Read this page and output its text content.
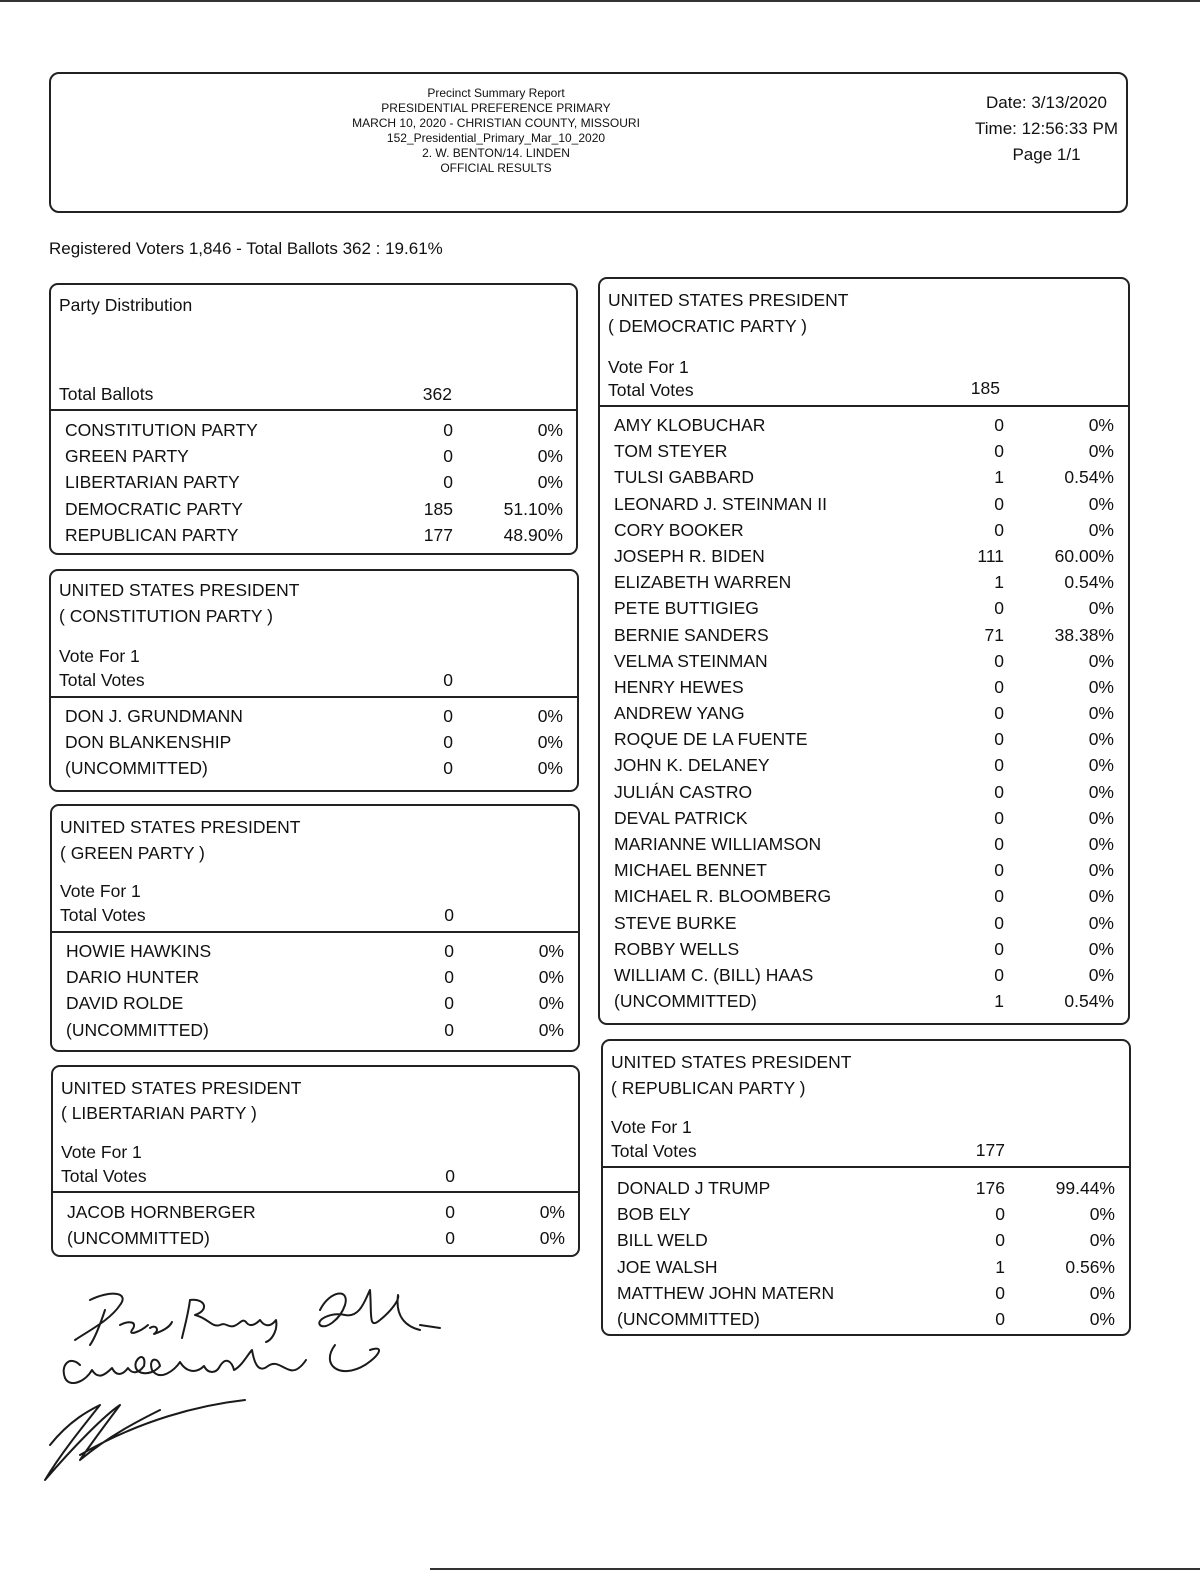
Precinct Summary Report
PRESIDENTIAL PREFERENCE PRIMARY
MARCH 10, 2020 - CHRISTIAN COUNTY, MISSOURI
152_Presidential_Primary_Mar_10_2020
2. W. BENTON/14. LINDEN
OFFICIAL RESULTS
Date: 3/13/2020
Time: 12:56:33 PM
Page 1/1
Registered Voters 1,846 - Total Ballots 362 : 19.61%
Party Distribution
Total Ballots	362
CONSTITUTION PARTY	0	0%
GREEN PARTY	0	0%
LIBERTARIAN PARTY	0	0%
DEMOCRATIC PARTY	185	51.10%
REPUBLICAN PARTY	177	48.90%
UNITED STATES PRESIDENT
( CONSTITUTION PARTY )
Vote For 1
Total Votes	0
DON J. GRUNDMANN	0	0%
DON BLANKENSHIP	0	0%
(UNCOMMITTED)	0	0%
UNITED STATES PRESIDENT
( GREEN PARTY )
Vote For 1
Total Votes	0
HOWIE HAWKINS	0	0%
DARIO HUNTER	0	0%
DAVID ROLDE	0	0%
(UNCOMMITTED)	0	0%
UNITED STATES PRESIDENT
( LIBERTARIAN PARTY )
Vote For 1
Total Votes	0
JACOB HORNBERGER	0	0%
(UNCOMMITTED)	0	0%
UNITED STATES PRESIDENT
( DEMOCRATIC PARTY )
Vote For 1
Total Votes	185
AMY KLOBUCHAR	0	0%
TOM STEYER	0	0%
TULSI GABBARD	1	0.54%
LEONARD J. STEINMAN II	0	0%
CORY BOOKER	0	0%
JOSEPH R. BIDEN	111	60.00%
ELIZABETH WARREN	1	0.54%
PETE BUTTIGIEG	0	0%
BERNIE SANDERS	71	38.38%
VELMA STEINMAN	0	0%
HENRY HEWES	0	0%
ANDREW YANG	0	0%
ROQUE DE LA FUENTE	0	0%
JOHN K. DELANEY	0	0%
JULIÁN CASTRO	0	0%
DEVAL PATRICK	0	0%
MARIANNE WILLIAMSON	0	0%
MICHAEL BENNET	0	0%
MICHAEL R. BLOOMBERG	0	0%
STEVE BURKE	0	0%
ROBBY WELLS	0	0%
WILLIAM C. (BILL) HAAS	0	0%
(UNCOMMITTED)	1	0.54%
UNITED STATES PRESIDENT
( REPUBLICAN PARTY )
Vote For 1
Total Votes	177
DONALD J TRUMP	176	99.44%
BOB ELY	0	0%
BILL WELD	0	0%
JOE WALSH	1	0.56%
MATTHEW JOHN MATERN	0	0%
(UNCOMMITTED)	0	0%
